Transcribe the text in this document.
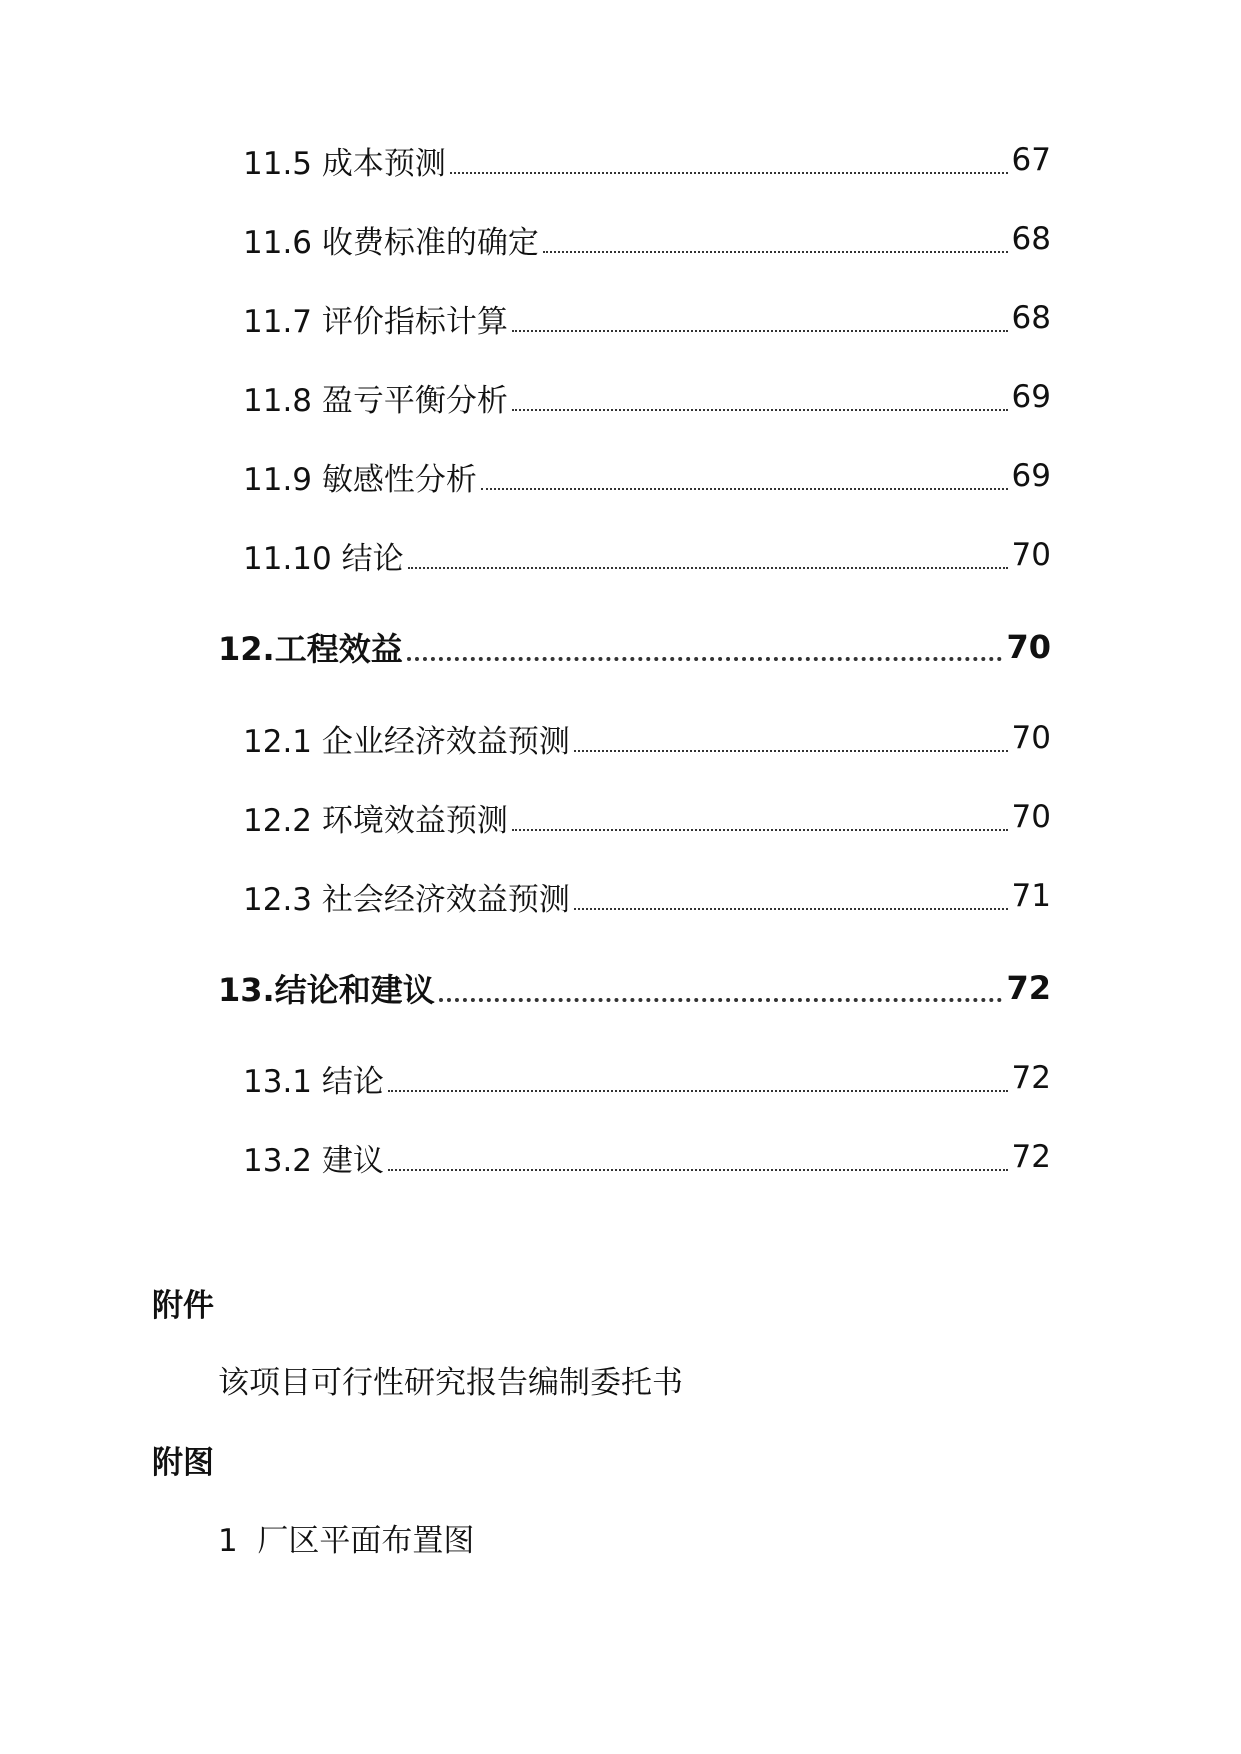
11.5 成本预测	67
11.6 收费标准的确定	68
11.7 评价指标计算	68
11.8 盈亏平衡分析	69
11.9 敏感性分析	69
11.10 结论	70
12.工程效益	70
12.1 企业经济效益预测	70
12.2 环境效益预测	70
12.3 社会经济效益预测	71
13.结论和建议	72
13.1 结论	72
13.2 建议	72
附件
该项目可行性研究报告编制委托书
附图
1  厂区平面布置图
